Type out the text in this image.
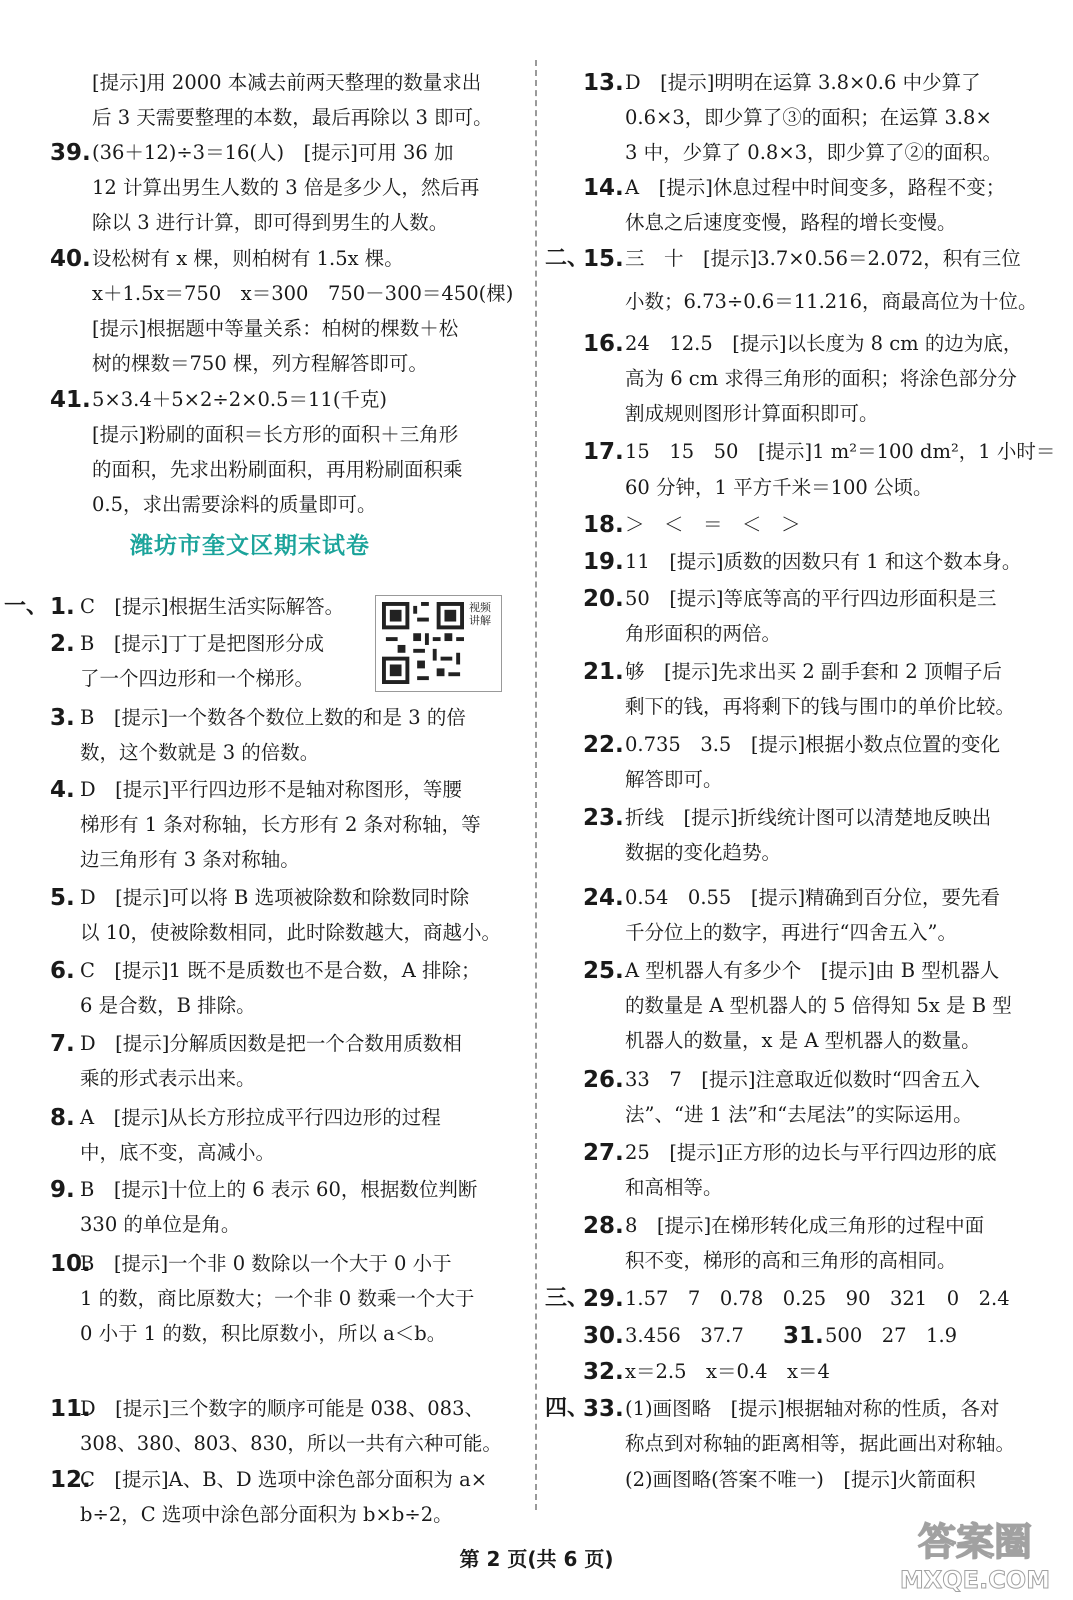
[提示]用 2000 本减去前两天整理的数量求出
后 3 天需要整理的本数，最后再除以 3 即可。
39. (36＋12)÷3＝16(人)　[提示]可用 36 加
12 计算出男生人数的 3 倍是多少人，然后再
除以 3 进行计算，即可得到男生的人数。
40. 设松树有 x 棵，则柏树有 1.5x 棵。
x＋1.5x＝750　x＝300　750－300＝450(棵)
[提示]根据题中等量关系：柏树的棵数＋松
树的棵数＝750 棵，列方程解答即可。
41. 5×3.4＋5×2÷2×0.5＝11(千克)
[提示]粉刷的面积＝长方形的面积＋三角形
的面积，先求出粉刷面积，再用粉刷面积乘
0.5，求出需要涂料的质量即可。
潍坊市奎文区期末试卷
视频讲解
一、 1. C　[提示]根据生活实际解答。
2. B　[提示]丁丁是把图形分成
了一个四边形和一个梯形。
3. B　[提示]一个数各个数位上数的和是 3 的倍
数，这个数就是 3 的倍数。
4. D　[提示]平行四边形不是轴对称图形，等腰
梯形有 1 条对称轴，长方形有 2 条对称轴，等
边三角形有 3 条对称轴。
5. D　[提示]可以将 B 选项被除数和除数同时除
以 10，使被除数相同，此时除数越大，商越小。
6. C　[提示]1 既不是质数也不是合数，A 排除；
6 是合数，B 排除。
7. D　[提示]分解质因数是把一个合数用质数相
乘的形式表示出来。
8. A　[提示]从长方形拉成平行四边形的过程
中，底不变，高减小。
9. B　[提示]十位上的 6 表示 60，根据数位判断
330 的单位是角。
10.
B　[提示]一个非 0 数除以一个大于 0 小于
1 的数，商比原数大；一个非 0 数乘一个大于
0 小于 1 的数，积比原数小，所以 a＜b。
11.
D　[提示]三个数字的顺序可能是 038、083、
308、380、803、830，所以一共有六种可能。
12.
C　[提示]A、B、D 选项中涂色部分面积为 a×
b÷2，C 选项中涂色部分面积为 b×b÷2。
13. D　[提示]明明在运算 3.8×0.6 中少算了
0.6×3，即少算了③的面积；在运算 3.8×
3 中，少算了 0.8×3，即少算了②的面积。
14. A　[提示]休息过程中时间变多，路程不变；
休息之后速度变慢，路程的增长变慢。
二、
15. 三　十　[提示]3.7×0.56＝2.072，积有三位
小数；6.73÷0.6＝11.216，商最高位为十位。
16. 24　12.5　[提示]以长度为 8 cm 的边为底，
高为 6 cm 求得三角形的面积；将涂色部分分
割成规则图形计算面积即可。
17. 15　15　50　[提示]1 m²＝100 dm²，1 小时＝
60 分钟，1 平方千米＝100 公顷。
18. ＞　＜　＝　＜　＞
19. 11　[提示]质数的因数只有 1 和这个数本身。
20. 50　[提示]等底等高的平行四边形面积是三
角形面积的两倍。
21. 够　[提示]先求出买 2 副手套和 2 顶帽子后
剩下的钱，再将剩下的钱与围巾的单价比较。
22. 0.735　3.5　[提示]根据小数点位置的变化
解答即可。
23. 折线　[提示]折线统计图可以清楚地反映出
数据的变化趋势。
24. 0.54　0.55　[提示]精确到百分位，要先看
千分位上的数字，再进行“四舍五入”。
25. A 型机器人有多少个　[提示]由 B 型机器人
的数量是 A 型机器人的 5 倍得知 5x 是 B 型
机器人的数量，x 是 A 型机器人的数量。
26. 33　7　[提示]注意取近似数时“四舍五入
法”、“进 1 法”和“去尾法”的实际运用。
27. 25　[提示]正方形的边长与平行四边形的底
和高相等。
28. 8　[提示]在梯形转化成三角形的过程中面
积不变，梯形的高和三角形的高相同。
三、
29. 1.57　7　0.78　0.25　90　321　0　2.4
30. 3.456　37.7 31. 500　27　1.9
32. x＝2.5　x＝0.4　x＝4
四、
33. (1)画图略　[提示]根据轴对称的性质，各对
称点到对称轴的距离相等，据此画出对称轴。
(2)画图略(答案不唯一)　[提示]火箭面积
第 2 页(共 6 页)	答案圈
MXQE.COM
